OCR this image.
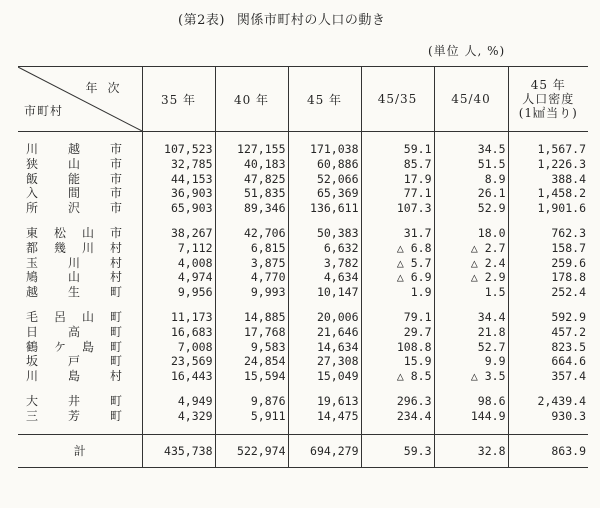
(第2表) 関係市町村の人口の動き
(単位 人, %)
年次
市町村	35 年	40 年	45 年	45/35	45/40	45 年
人口密度
(1㎢当り)

川 越 市	107,523	127,155	171,038	59.1	34.5	1,567.7

狭 山 市	32,785	40,183	60,886	85.7	51.5	1,226.3

飯 能 市	44,153	47,825	52,066	17.9	8.9	388.4

入 間 市	36,903	51,835	65,369	77.1	26.1	1,458.2

所 沢 市	65,903	89,346	136,611	107.3	52.9	1,901.6

東 松 山 市	38,267	42,706	50,383	31.7	18.0	762.3

都 幾 川 村	7,112	6,815	6,632	△ 6.8	△ 2.7	158.7

玉 川 村	4,008	3,875	3,782	△ 5.7	△ 2.4	259.6

鳩 山 村	4,974	4,770	4,634	△ 6.9	△ 2.9	178.8

越 生 町	9,956	9,993	10,147	1.9	1.5	252.4

毛 呂 山 町	11,173	14,885	20,006	79.1	34.4	592.9

日 高 町	16,683	17,768	21,646	29.7	21.8	457.2

鶴 ケ 島 町	7,008	9,583	14,634	108.8	52.7	823.5

坂 戸 町	23,569	24,854	27,308	15.9	9.9	664.6

川 島 村	16,443	15,594	15,049	△ 8.5	△ 3.5	357.4

大 井 町	4,949	9,876	19,613	296.3	98.6	2,439.4

三 芳 町	4,329	5,911	14,475	234.4	144.9	930.3

計	435,738	522,974	694,279	59.3	32.8	863.9
